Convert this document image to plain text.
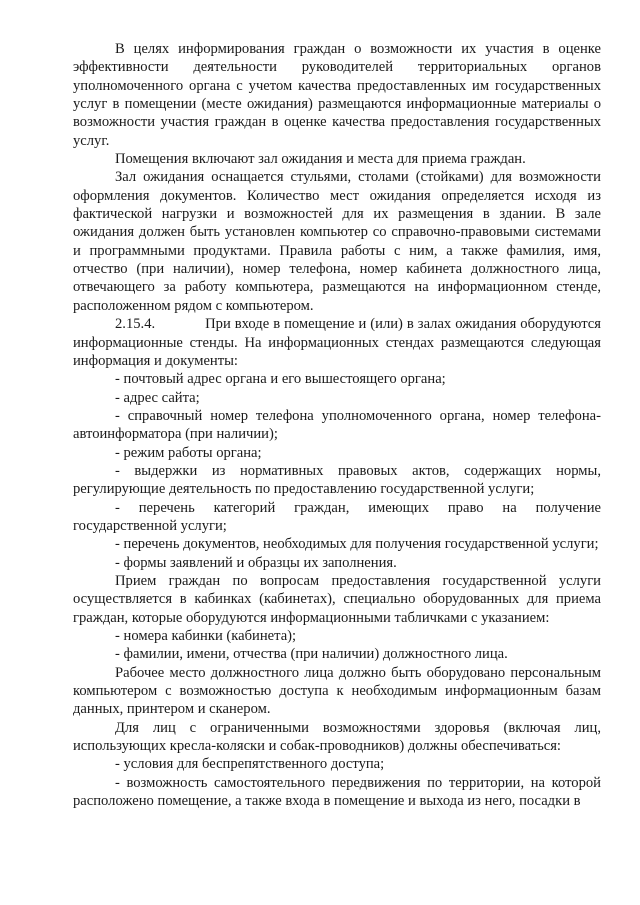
В целях информирования граждан о возможности их участия в оценке эффективности деятельности руководителей территориальных органов уполномоченного органа с учетом качества предоставленных им государственных услуг в помещении (месте ожидания) размещаются информационные материалы о возможности участия граждан в оценке качества предоставления государственных услуг.

Помещения включают зал ожидания и места для приема граждан.

Зал ожидания оснащается стульями, столами (стойками) для возможности оформления документов. Количество мест ожидания определяется исходя из фактической нагрузки и возможностей для их размещения в здании. В зале ожидания должен быть установлен компьютер со справочно-правовыми системами и программными продуктами. Правила работы с ним, а также фамилия, имя, отчество (при наличии), номер телефона, номер кабинета должностного лица, отвечающего за работу компьютера, размещаются на информационном стенде, расположенном рядом с компьютером.

2.15.4.	При входе в помещение и (или) в залах ожидания оборудуются информационные стенды. На информационных стендах размещаются следующая информация и документы:

- почтовый адрес органа и его вышестоящего органа;

- адрес сайта;

- справочный номер телефона уполномоченного органа, номер телефона-автоинформатора (при наличии);

- режим работы органа;

- выдержки из нормативных правовых актов, содержащих нормы, регулирующие деятельность по предоставлению государственной услуги;

- перечень категорий граждан, имеющих право на получение государственной услуги;

- перечень документов, необходимых для получения государственной услуги;

- формы заявлений и образцы их заполнения.

Прием граждан по вопросам предоставления государственной услуги осуществляется в кабинках (кабинетах), специально оборудованных для приема граждан, которые оборудуются информационными табличками с указанием:

- номера кабинки (кабинета);

- фамилии, имени, отчества (при наличии) должностного лица.

Рабочее место должностного лица должно быть оборудовано персональным компьютером с возможностью доступа к необходимым информационным базам данных, принтером и сканером.

Для лиц с ограниченными возможностями здоровья (включая лиц, использующих кресла-коляски и собак-проводников) должны обеспечиваться:

- условия для беспрепятственного доступа;

- возможность самостоятельного передвижения по территории, на которой расположено помещение, а также входа в помещение и выхода из него, посадки в
